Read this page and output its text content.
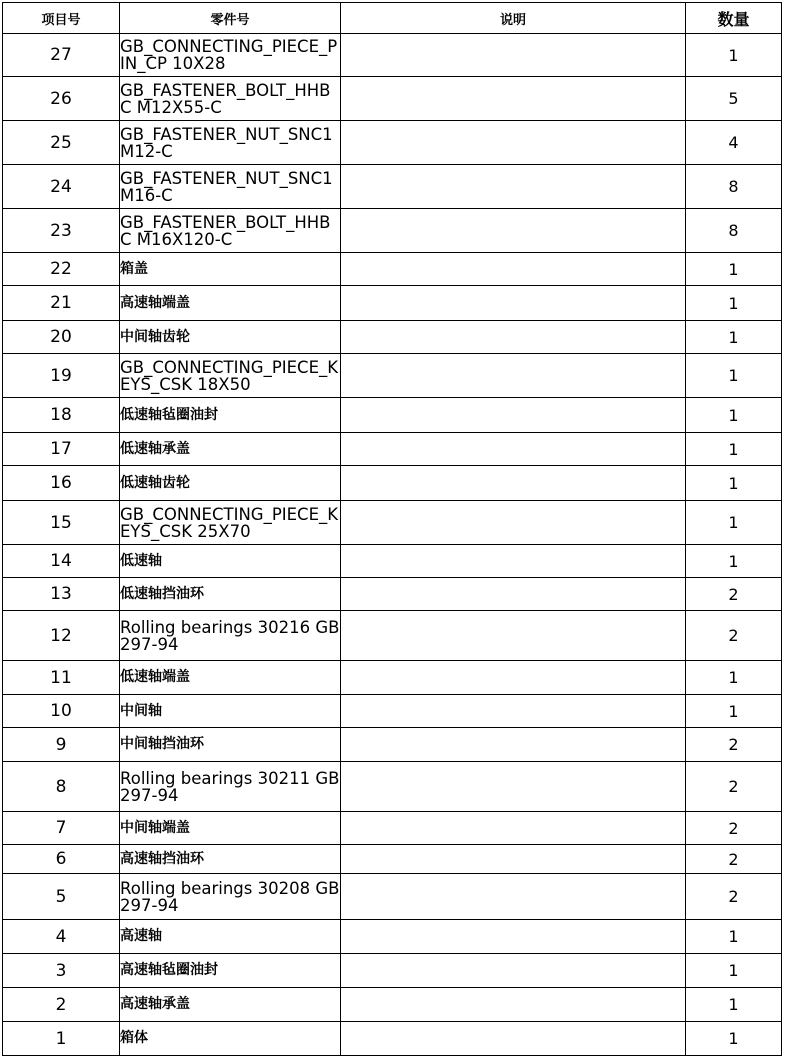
项目号	零件号	说明	数量
27	GB_CONNECTING_PIECE_PIN_CP 10X28		1
26	GB_FASTENER_BOLT_HHBC M12X55-C		5
25	GB_FASTENER_NUT_SNC1 M12-C		4
24	GB_FASTENER_NUT_SNC1 M16-C		8
23	GB_FASTENER_BOLT_HHBC M16X120-C		8
22	箱盖		1
21	高速轴端盖		1
20	中间轴齿轮		1
19	GB_CONNECTING_PIECE_KEYS_CSK 18X50		1
18	低速轴毡圈油封		1
17	低速轴承盖		1
16	低速轴齿轮		1
15	GB_CONNECTING_PIECE_KEYS_CSK 25X70		1
14	低速轴		1
13	低速轴挡油环		2
12	Rolling bearings 30216 GB 297-94		2
11	低速轴端盖		1
10	中间轴		1
9	中间轴挡油环		2
8	Rolling bearings 30211 GB 297-94		2
7	中间轴端盖		2
6	高速轴挡油环		2
5	Rolling bearings 30208 GB 297-94		2
4	高速轴		1
3	高速轴毡圈油封		1
2	高速轴承盖		1
1	箱体		1
